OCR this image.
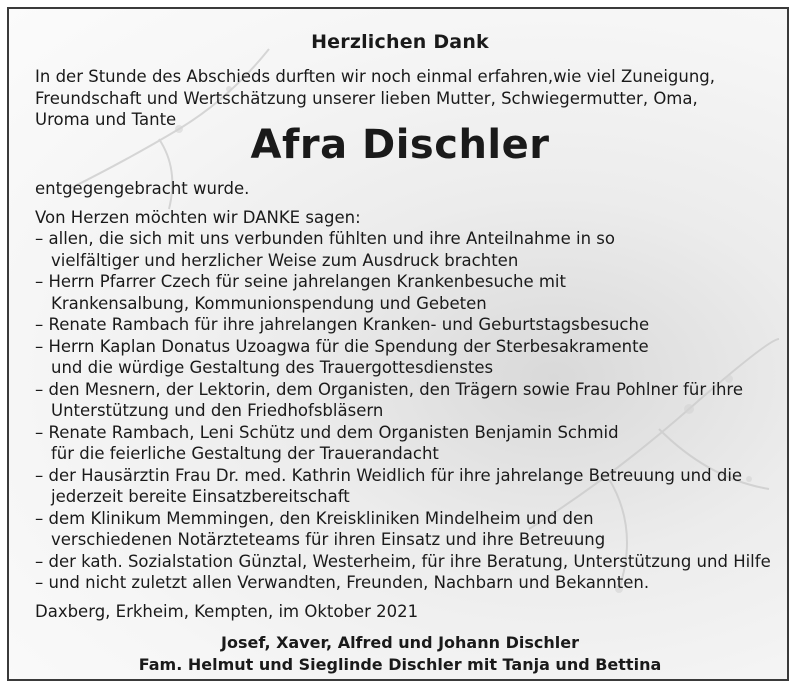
Herzlichen Dank
In der Stunde des Abschieds durften wir noch einmal erfahren,wie viel Zuneigung,
Freundschaft und Wertschätzung unserer lieben Mutter, Schwiegermutter, Oma,
Uroma und Tante
Afra Dischler
entgegengebracht wurde.
Von Herzen möchten wir DANKE sagen:
– allen, die sich mit uns verbunden fühlten und ihre Anteilnahme in so
vielfältiger und herzlicher Weise zum Ausdruck brachten
– Herrn Pfarrer Czech für seine jahrelangen Krankenbesuche mit
Krankensalbung, Kommunionspendung und Gebeten
– Renate Rambach für ihre jahrelangen Kranken- und Geburtstagsbesuche
– Herrn Kaplan Donatus Uzoagwa für die Spendung der Sterbesakramente
und die würdige Gestaltung des Trauergottesdienstes
– den Mesnern, der Lektorin, dem Organisten, den Trägern sowie Frau Pohlner für ihre
Unterstützung und den Friedhofsbläsern
– Renate Rambach, Leni Schütz und dem Organisten Benjamin Schmid
für die feierliche Gestaltung der Trauerandacht
– der Hausärztin Frau Dr. med. Kathrin Weidlich für ihre jahrelange Betreuung und die
jederzeit bereite Einsatzbereitschaft
– dem Klinikum Memmingen, den Kreiskliniken Mindelheim und den
verschiedenen Notärzteteams für ihren Einsatz und ihre Betreuung
– der kath. Sozialstation Günztal, Westerheim, für ihre Beratung, Unterstützung und Hilfe
– und nicht zuletzt allen Verwandten, Freunden, Nachbarn und Bekannten.
Daxberg, Erkheim, Kempten, im Oktober 2021
Josef, Xaver, Alfred und Johann Dischler
Fam. Helmut und Sieglinde Dischler mit Tanja und Bettina
